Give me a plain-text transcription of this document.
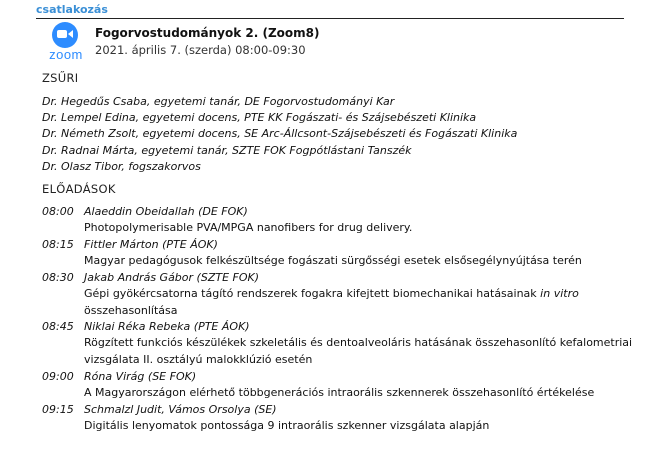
csatlakozás
zoom
Fogorvostudományok 2. (Zoom8)
2021. április 7. (szerda) 08:00-09:30
ZSŰRI
Dr. Hegedűs Csaba, egyetemi tanár, DE Fogorvostudományi Kar
Dr. Lempel Edina, egyetemi docens, PTE KK Fogászati- és Szájsebészeti Klinika
Dr. Németh Zsolt, egyetemi docens, SE Arc-Állcsont-Szájsebészeti és Fogászati Klinika
Dr. Radnai Márta, egyetemi tanár, SZTE FOK Fogpótlástani Tanszék
Dr. Olasz Tibor, fogszakorvos
ELŐADÁSOK
08:00 Alaeddin Obeidallah (DE FOK)
Photopolymerisable PVA/MPGA nanofibers for drug delivery.
08:15 Fittler Márton (PTE ÁOK)
Magyar pedagógusok felkészültsége fogászati sürgősségi esetek elsősegélynyújtása terén
08:30 Jakab András Gábor (SZTE FOK)
Gépi gyökércsatorna tágító rendszerek fogakra kifejtett biomechanikai hatásainak in vitro
összehasonlítása
08:45 Niklai Réka Rebeka (PTE ÁOK)
Rögzített funkciós készülékek szkeletális és dentoalveoláris hatásának összehasonlító kefalometriai
vizsgálata II. osztályú malokklúzió esetén
09:00 Róna Virág (SE FOK)
A Magyarországon elérhető többgenerációs intraorális szkennerek összehasonlító értékelése
09:15 Schmalzl Judit, Vámos Orsolya (SE)
Digitális lenyomatok pontossága 9 intraorális szkenner vizsgálata alapján
